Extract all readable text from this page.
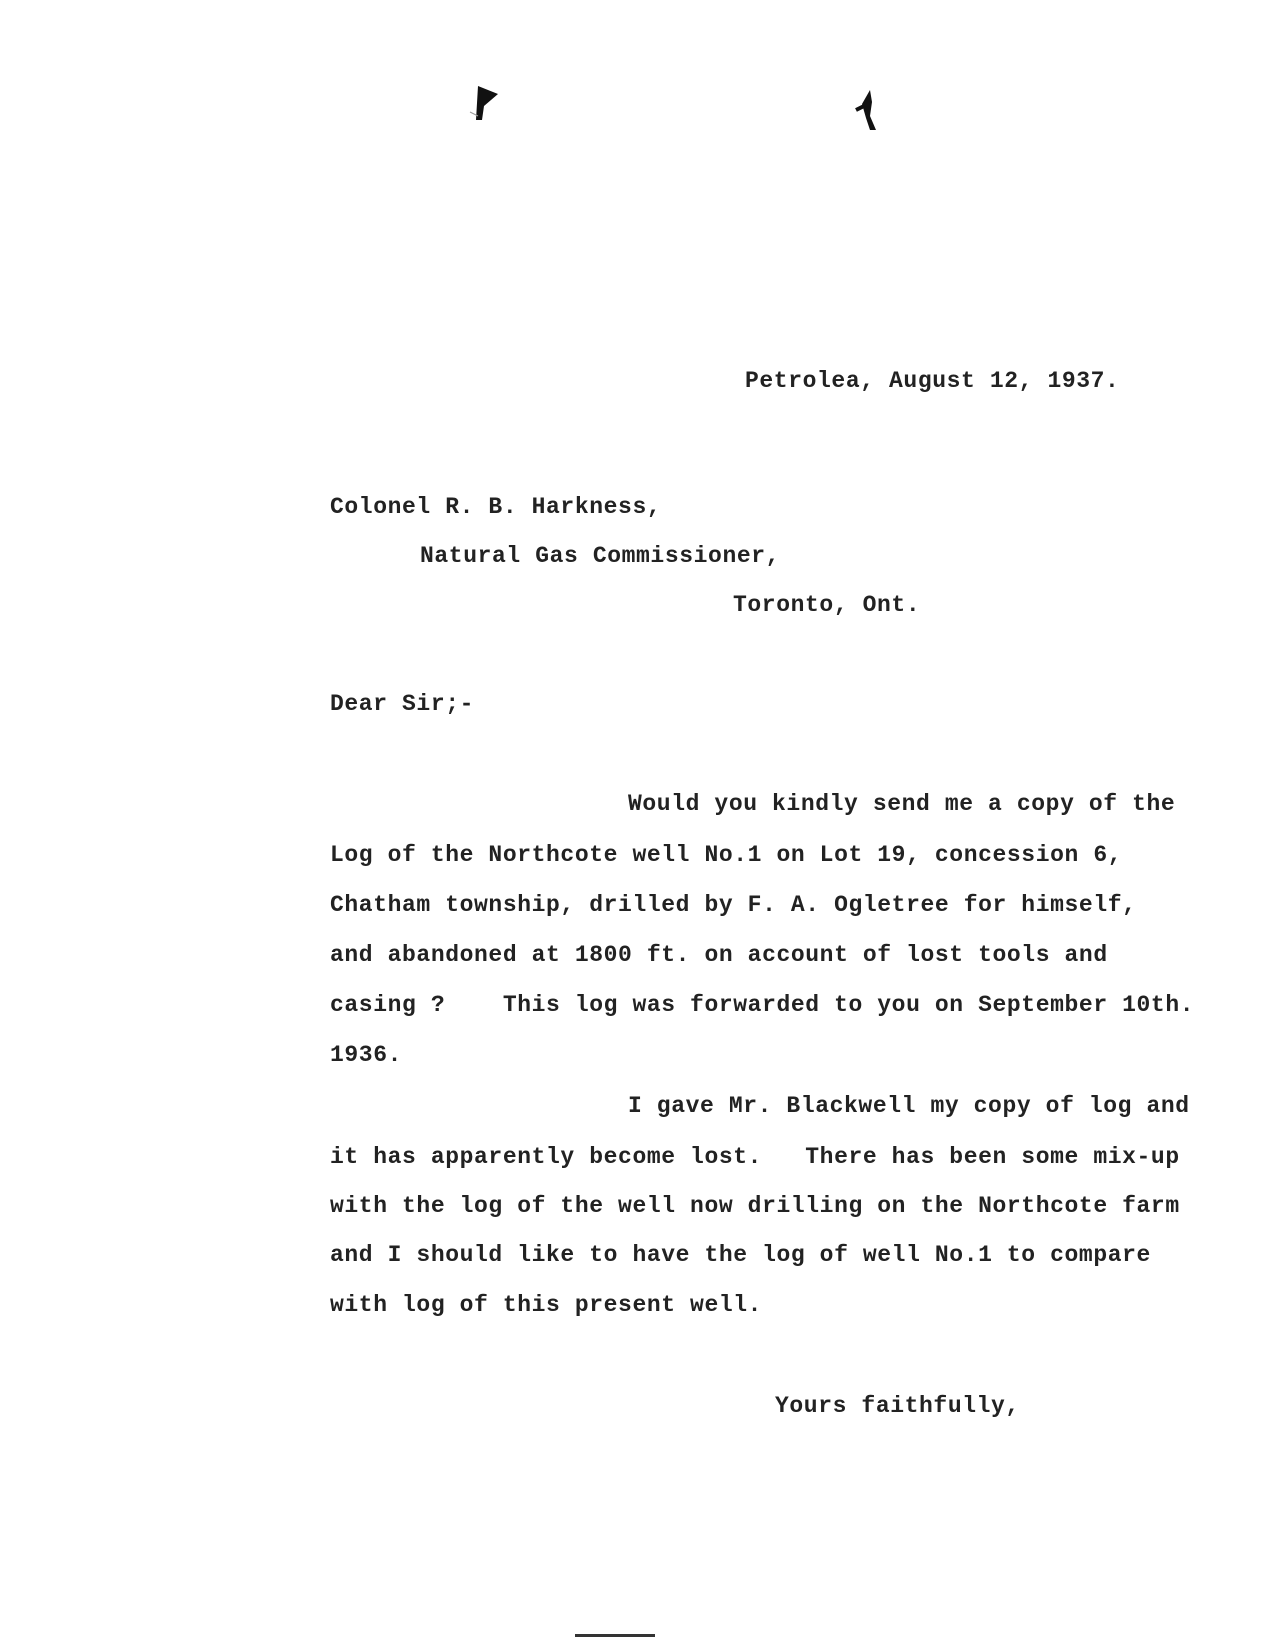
Petrolea, August 12, 1937.
Colonel R. B. Harkness,
Natural Gas Commissioner,
Toronto, Ont.
Dear Sir;-
Would you kindly send me a copy of the
Log of the Northcote well No.1 on Lot 19, concession 6,
Chatham township, drilled by F. A. Ogletree for himself,
and abandoned at 1800 ft. on account of lost tools and
casing ?    This log was forwarded to you on September 10th.
1936.
I gave Mr. Blackwell my copy of log and
it has apparently become lost.   There has been some mix-up
with the log of the well now drilling on the Northcote farm
and I should like to have the log of well No.1 to compare
with log of this present well.
Yours faithfully,
